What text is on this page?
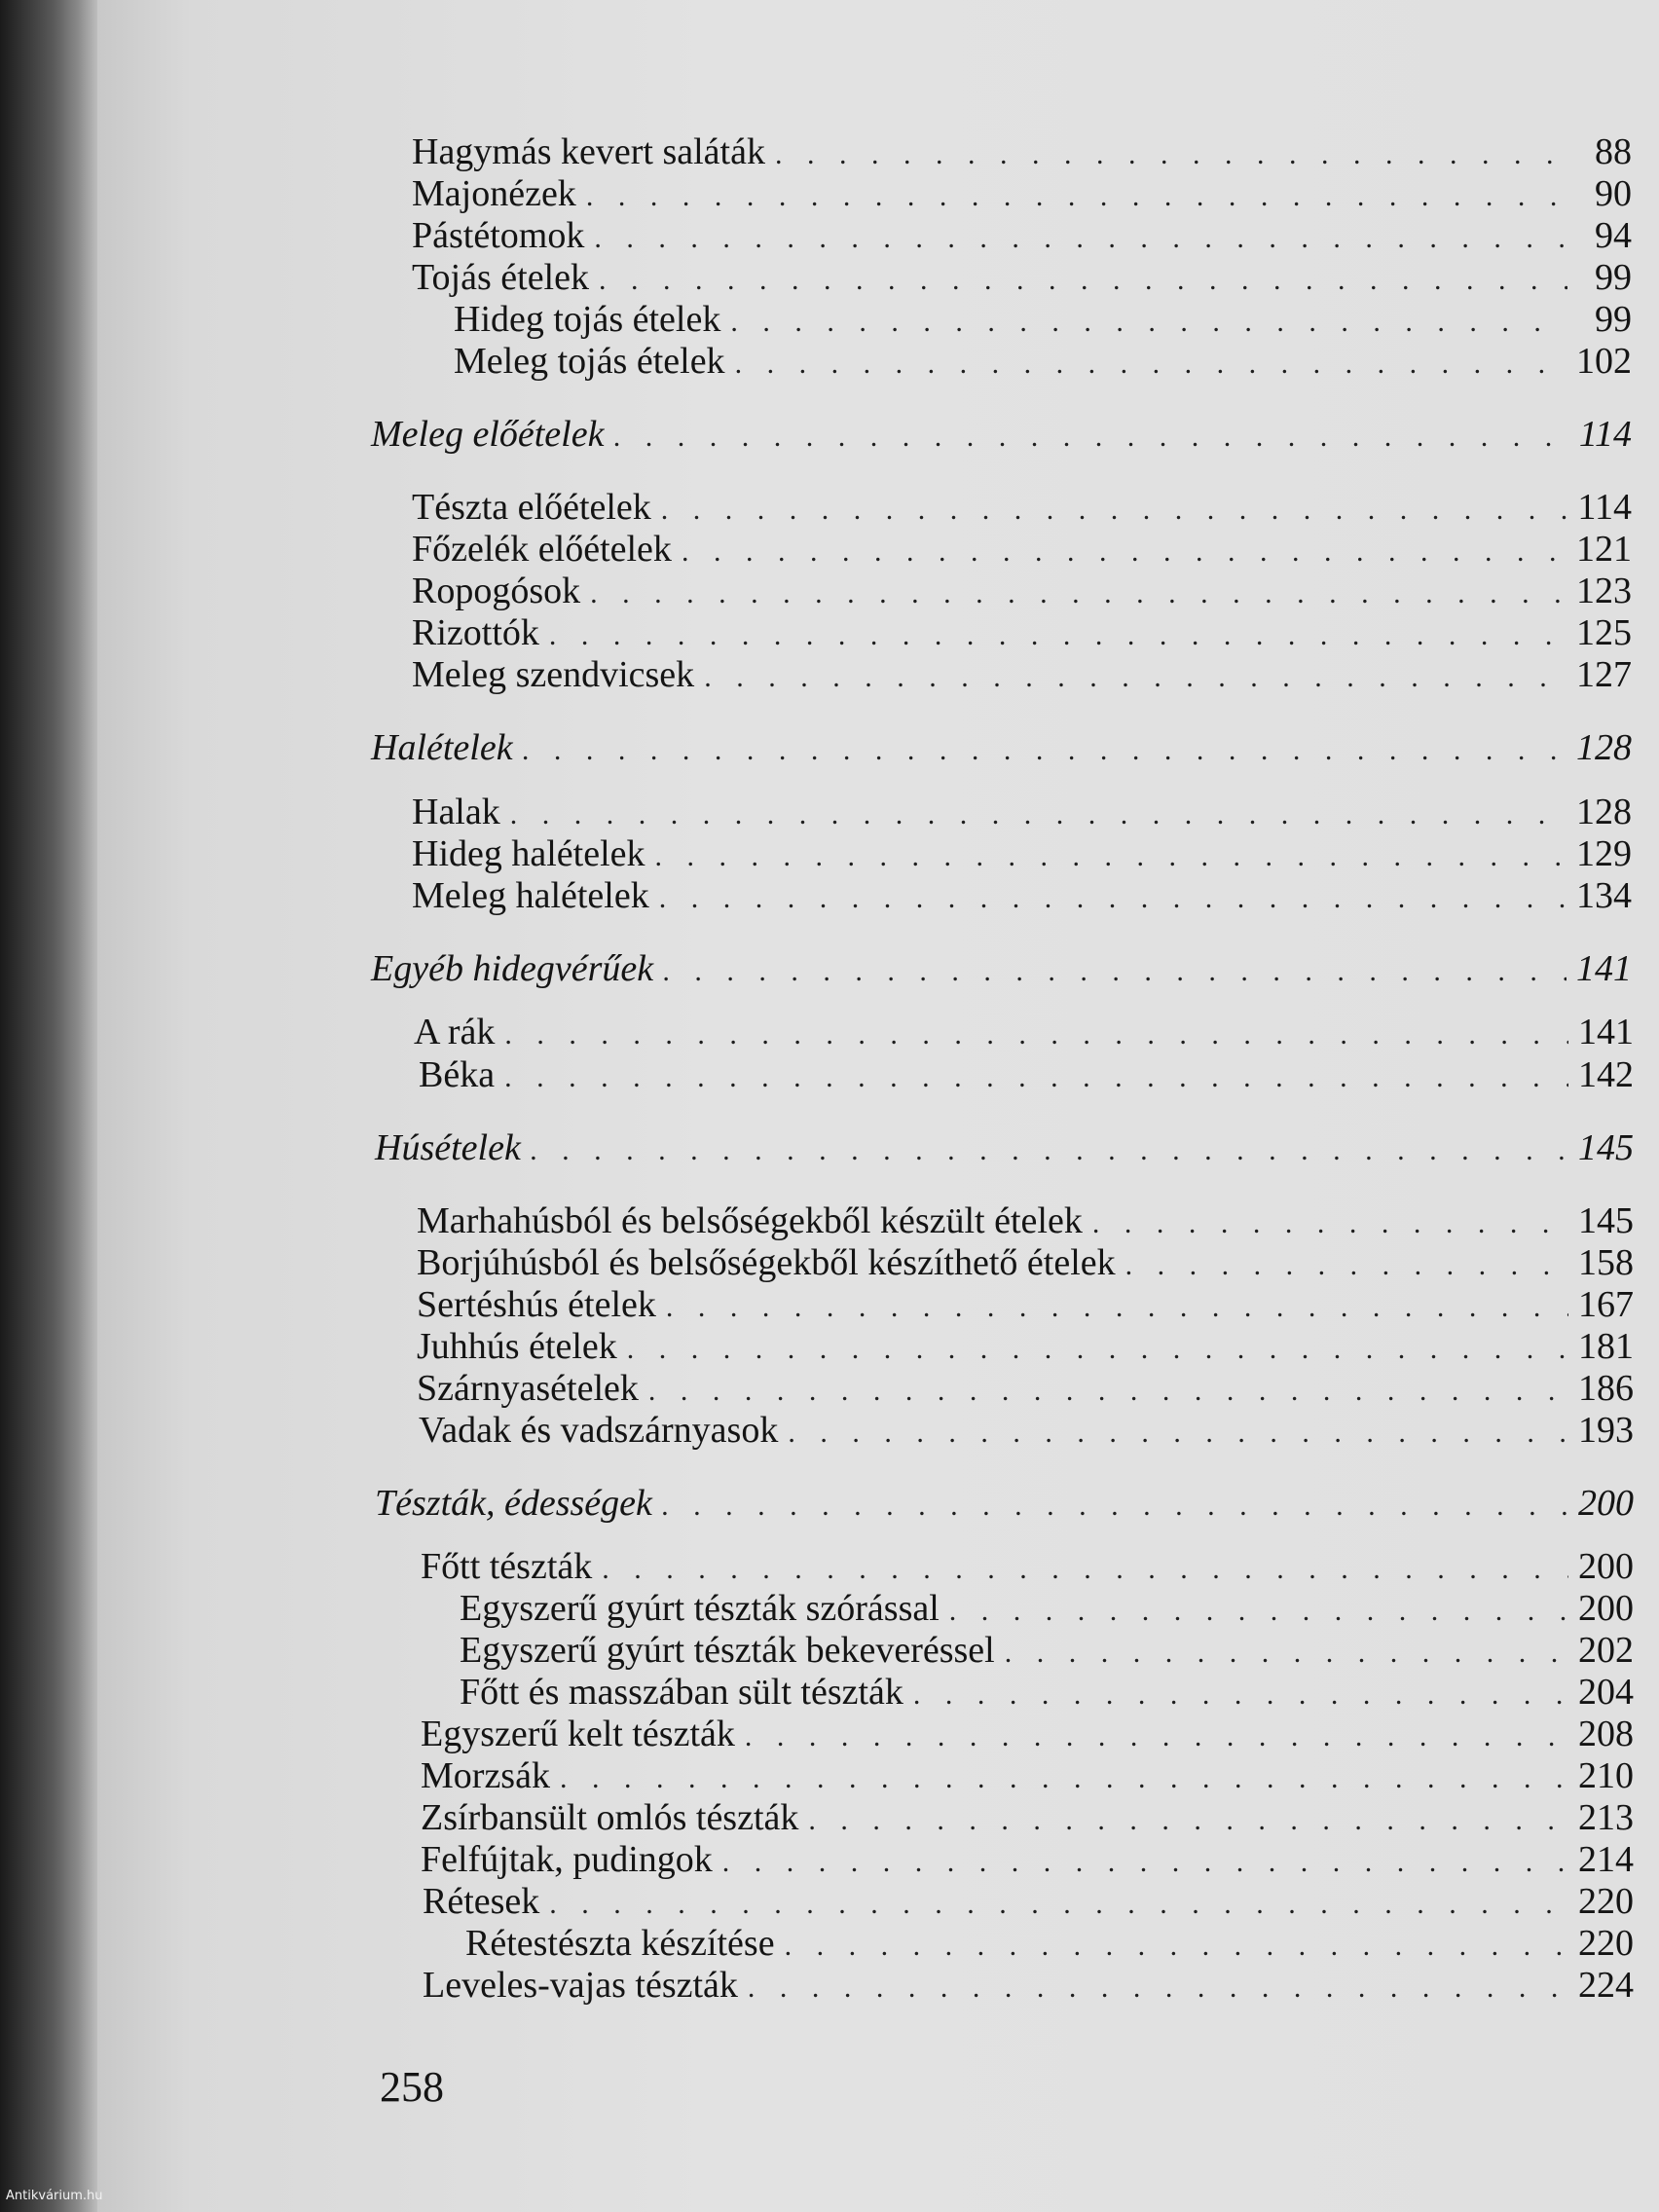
Hagymás kevert saláták . . .	88
Majonézek . . .	90
Pástétomok . . .	94
Tojás ételek . . .	99
Hideg tojás ételek . . .	99
Meleg tojás ételek . . .	102
Meleg előételek . . .	114
Tészta előételek . . .	114
Főzelék előételek . . .	121
Ropogósok . . .	123
Rizottók . . .	125
Meleg szendvicsek . . .	127
Halételek . . .	128
Halak . . .	128
Hideg halételek . . .	129
Meleg halételek . . .	134
Egyéb hidegvérűek . . .	141
A rák . . .	141
Béka . . .	142
Húsételek . . .	145
Marhahúsból és belsőségekből készült ételek . . .	145
Borjúhúsból és belsőségekből készíthető ételek . . .	158
Sertéshús ételek . . .	167
Juhhús ételek . . .	181
Szárnyasételek . . .	186
Vadak és vadszárnyasok . . .	193
Tészták, édességek . . .	200
Főtt tészták . . .	200
Egyszerű gyúrt tészták szórással . . .	200
Egyszerű gyúrt tészták bekeveréssel . . .	202
Főtt és masszában sült tészták . . .	204
Egyszerű kelt tészták . . .	208
Morzsák . . .	210
Zsírbansült omlós tészták . . .	213
Felfújtak, pudingok . . .	214
Rétesek . . .	220
Rétestészta készítése . . .	220
Leveles-vajas tészták . . .	224
258
Antikvárium.hu
